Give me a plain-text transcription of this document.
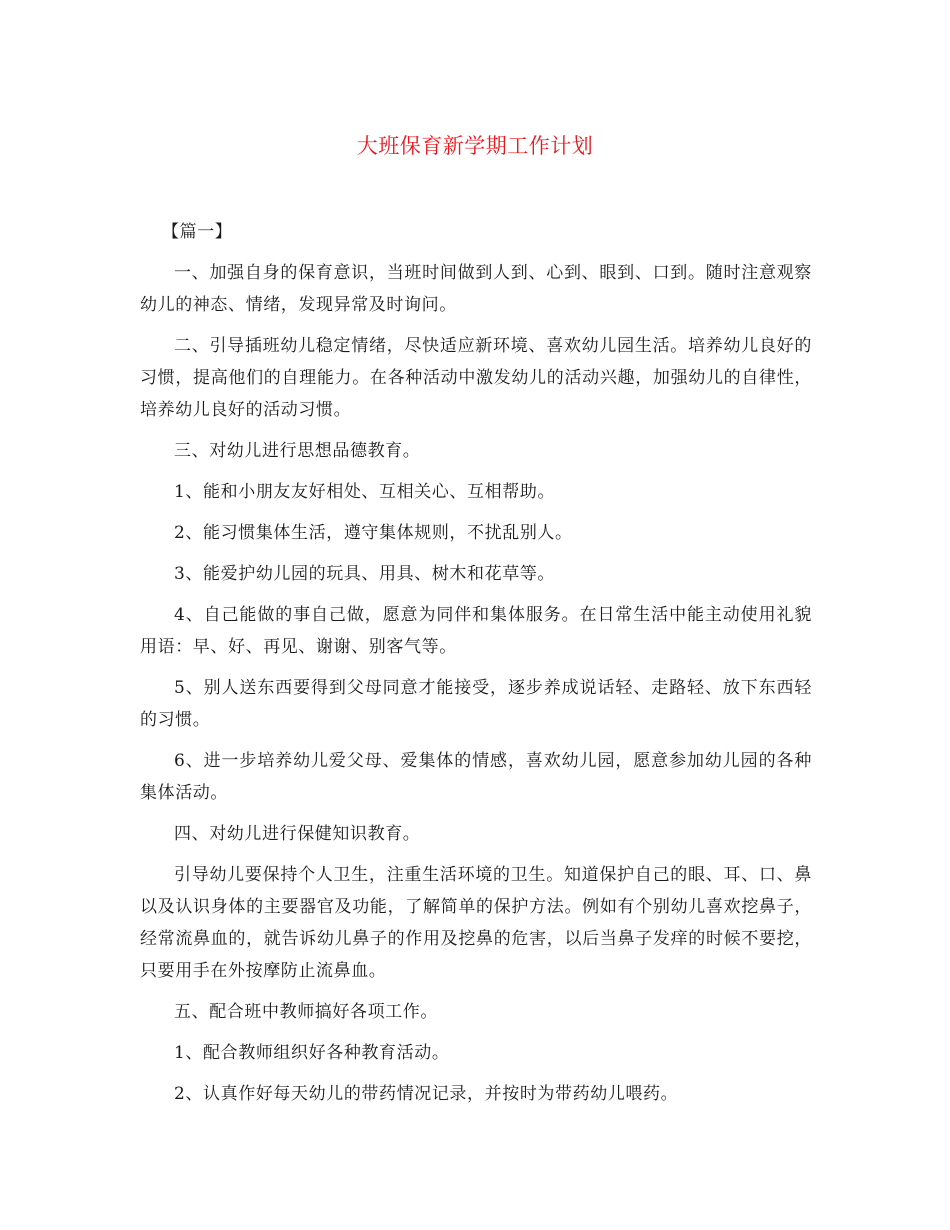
大班保育新学期工作计划

【篇一】

一、加强自身的保育意识，当班时间做到人到、心到、眼到、口到。随时注意观察幼儿的神态、情绪，发现异常及时询问。

二、引导插班幼儿稳定情绪，尽快适应新环境、喜欢幼儿园生活。培养幼儿良好的习惯，提高他们的自理能力。在各种活动中激发幼儿的活动兴趣，加强幼儿的自律性，培养幼儿良好的活动习惯。

三、对幼儿进行思想品德教育。

1、能和小朋友友好相处、互相关心、互相帮助。

2、能习惯集体生活，遵守集体规则，不扰乱别人。

3、能爱护幼儿园的玩具、用具、树木和花草等。

4、自己能做的事自己做，愿意为同伴和集体服务。在日常生活中能主动使用礼貌用语：早、好、再见、谢谢、别客气等。

5、别人送东西要得到父母同意才能接受，逐步养成说话轻、走路轻、放下东西轻的习惯。

6、进一步培养幼儿爱父母、爱集体的情感，喜欢幼儿园，愿意参加幼儿园的各种集体活动。

四、对幼儿进行保健知识教育。

引导幼儿要保持个人卫生，注重生活环境的卫生。知道保护自己的眼、耳、口、鼻以及认识身体的主要器官及功能，了解简单的保护方法。例如有个别幼儿喜欢挖鼻子，经常流鼻血的，就告诉幼儿鼻子的作用及挖鼻的危害，以后当鼻子发痒的时候不要挖，只要用手在外按摩防止流鼻血。

五、配合班中教师搞好各项工作。

1、配合教师组织好各种教育活动。

2、认真作好每天幼儿的带药情况记录，并按时为带药幼儿喂药。
